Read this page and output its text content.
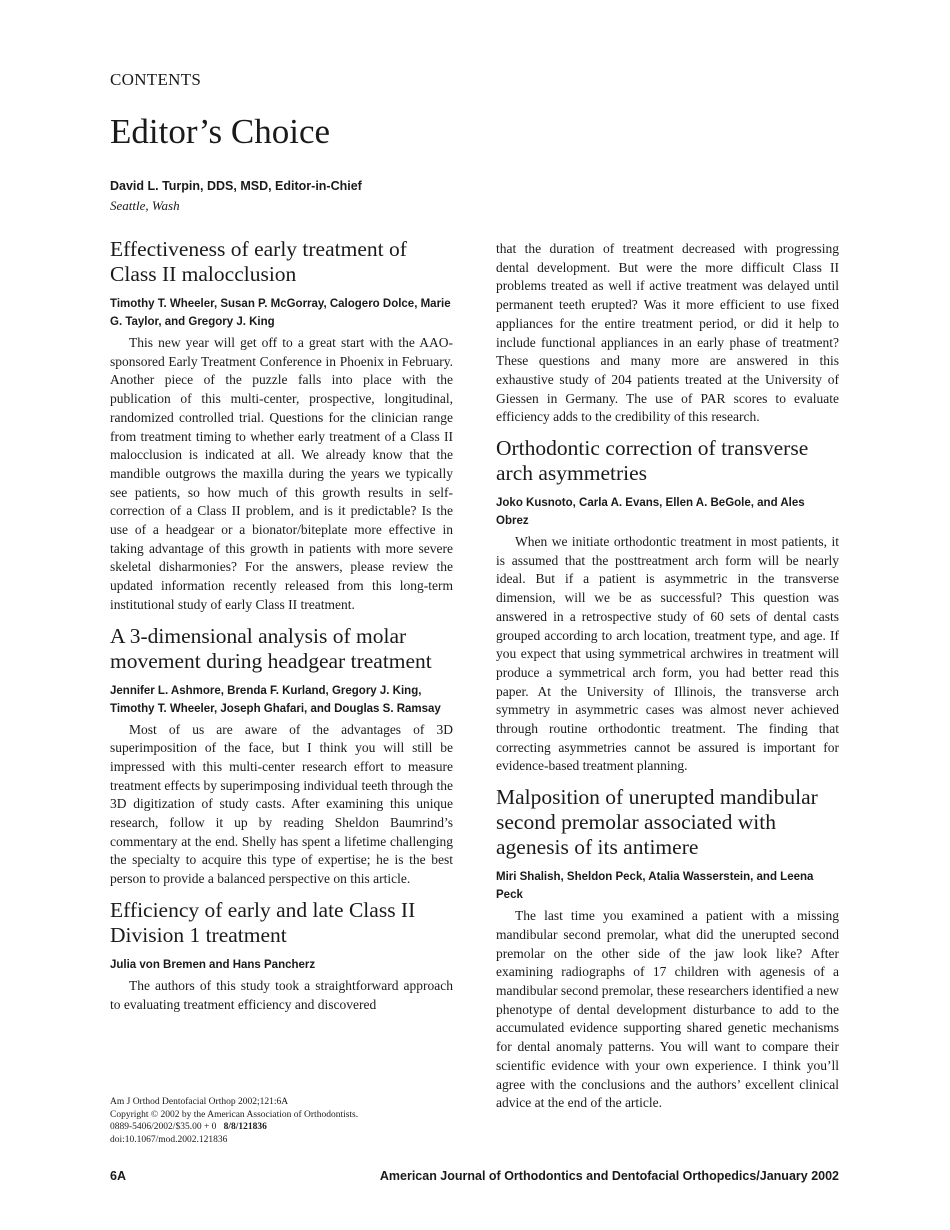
CONTENTS
Editor’s Choice
David L. Turpin, DDS, MSD, Editor-in-Chief
Seattle, Wash
Effectiveness of early treatment of Class II malocclusion

Timothy T. Wheeler, Susan P. McGorray, Calogero Dolce, Marie G. Taylor, and Gregory J. King

This new year will get off to a great start with the AAO-sponsored Early Treatment Conference in Phoenix in February. Another piece of the puzzle falls into place with the publication of this multi-center, prospective, longitudinal, randomized controlled trial. Questions for the clinician range from treatment timing to whether early treatment of a Class II malocclusion is indicated at all. We already know that the mandible outgrows the maxilla during the years we typically see patients, so how much of this growth results in self-correction of a Class II problem, and is it predictable? Is the use of a headgear or a bionator/biteplate more effective in taking advantage of this growth in patients with more severe skeletal disharmonies? For the answers, please review the updated information recently released from this long-term institutional study of early Class II treatment.

A 3-dimensional analysis of molar movement during headgear treatment

Jennifer L. Ashmore, Brenda F. Kurland, Gregory J. King, Timothy T. Wheeler, Joseph Ghafari, and Douglas S. Ramsay

Most of us are aware of the advantages of 3D superimposition of the face, but I think you will still be impressed with this multi-center research effort to measure treatment effects by superimposing individual teeth through the 3D digitization of study casts. After examining this unique research, follow it up by reading Sheldon Baumrind’s commentary at the end. Shelly has spent a lifetime challenging the specialty to acquire this type of expertise; he is the best person to provide a balanced perspective on this article.

Efficiency of early and late Class II Division 1 treatment

Julia von Bremen and Hans Pancherz

The authors of this study took a straightforward approach to evaluating treatment efficiency and discovered

that the duration of treatment decreased with progressing dental development. But were the more difficult Class II problems treated as well if active treatment was delayed until permanent teeth erupted? Was it more efficient to use fixed appliances for the entire treatment period, or did it help to include functional appliances in an early phase of treatment? These questions and many more are answered in this exhaustive study of 204 patients treated at the University of Giessen in Germany. The use of PAR scores to evaluate efficiency adds to the credibility of this research.

Orthodontic correction of transverse arch asymmetries

Joko Kusnoto, Carla A. Evans, Ellen A. BeGole, and Ales Obrez

When we initiate orthodontic treatment in most patients, it is assumed that the posttreatment arch form will be nearly ideal. But if a patient is asymmetric in the transverse dimension, will we be as successful? This question was answered in a retrospective study of 60 sets of dental casts grouped according to arch location, treatment type, and age. If you expect that using symmetrical archwires in treatment will produce a symmetrical arch form, you had better read this paper. At the University of Illinois, the transverse arch symmetry in asymmetric cases was almost never achieved through routine orthodontic treatment. The finding that correcting asymmetries cannot be assured is important for evidence-based treatment planning.

Malposition of unerupted mandibular second premolar associated with agenesis of its antimere

Miri Shalish, Sheldon Peck, Atalia Wasserstein, and Leena Peck

The last time you examined a patient with a missing mandibular second premolar, what did the unerupted second premolar on the other side of the jaw look like? After examining radiographs of 17 children with agenesis of a mandibular second premolar, these researchers identified a new phenotype of dental development disturbance to add to the accumulated evidence supporting shared genetic mechanisms for dental anomaly patterns. You will want to compare their scientific evidence with your own experience. I think you’ll agree with the conclusions and the authors’ excellent clinical advice at the end of the article.

Am J Orthod Dentofacial Orthop 2002;121:6A
Copyright © 2002 by the American Association of Orthodontists.
0889-5406/2002/$35.00 + 0 8/8/121836
doi:10.1067/mod.2002.121836
6A	American Journal of Orthodontics and Dentofacial Orthopedics/January 2002
